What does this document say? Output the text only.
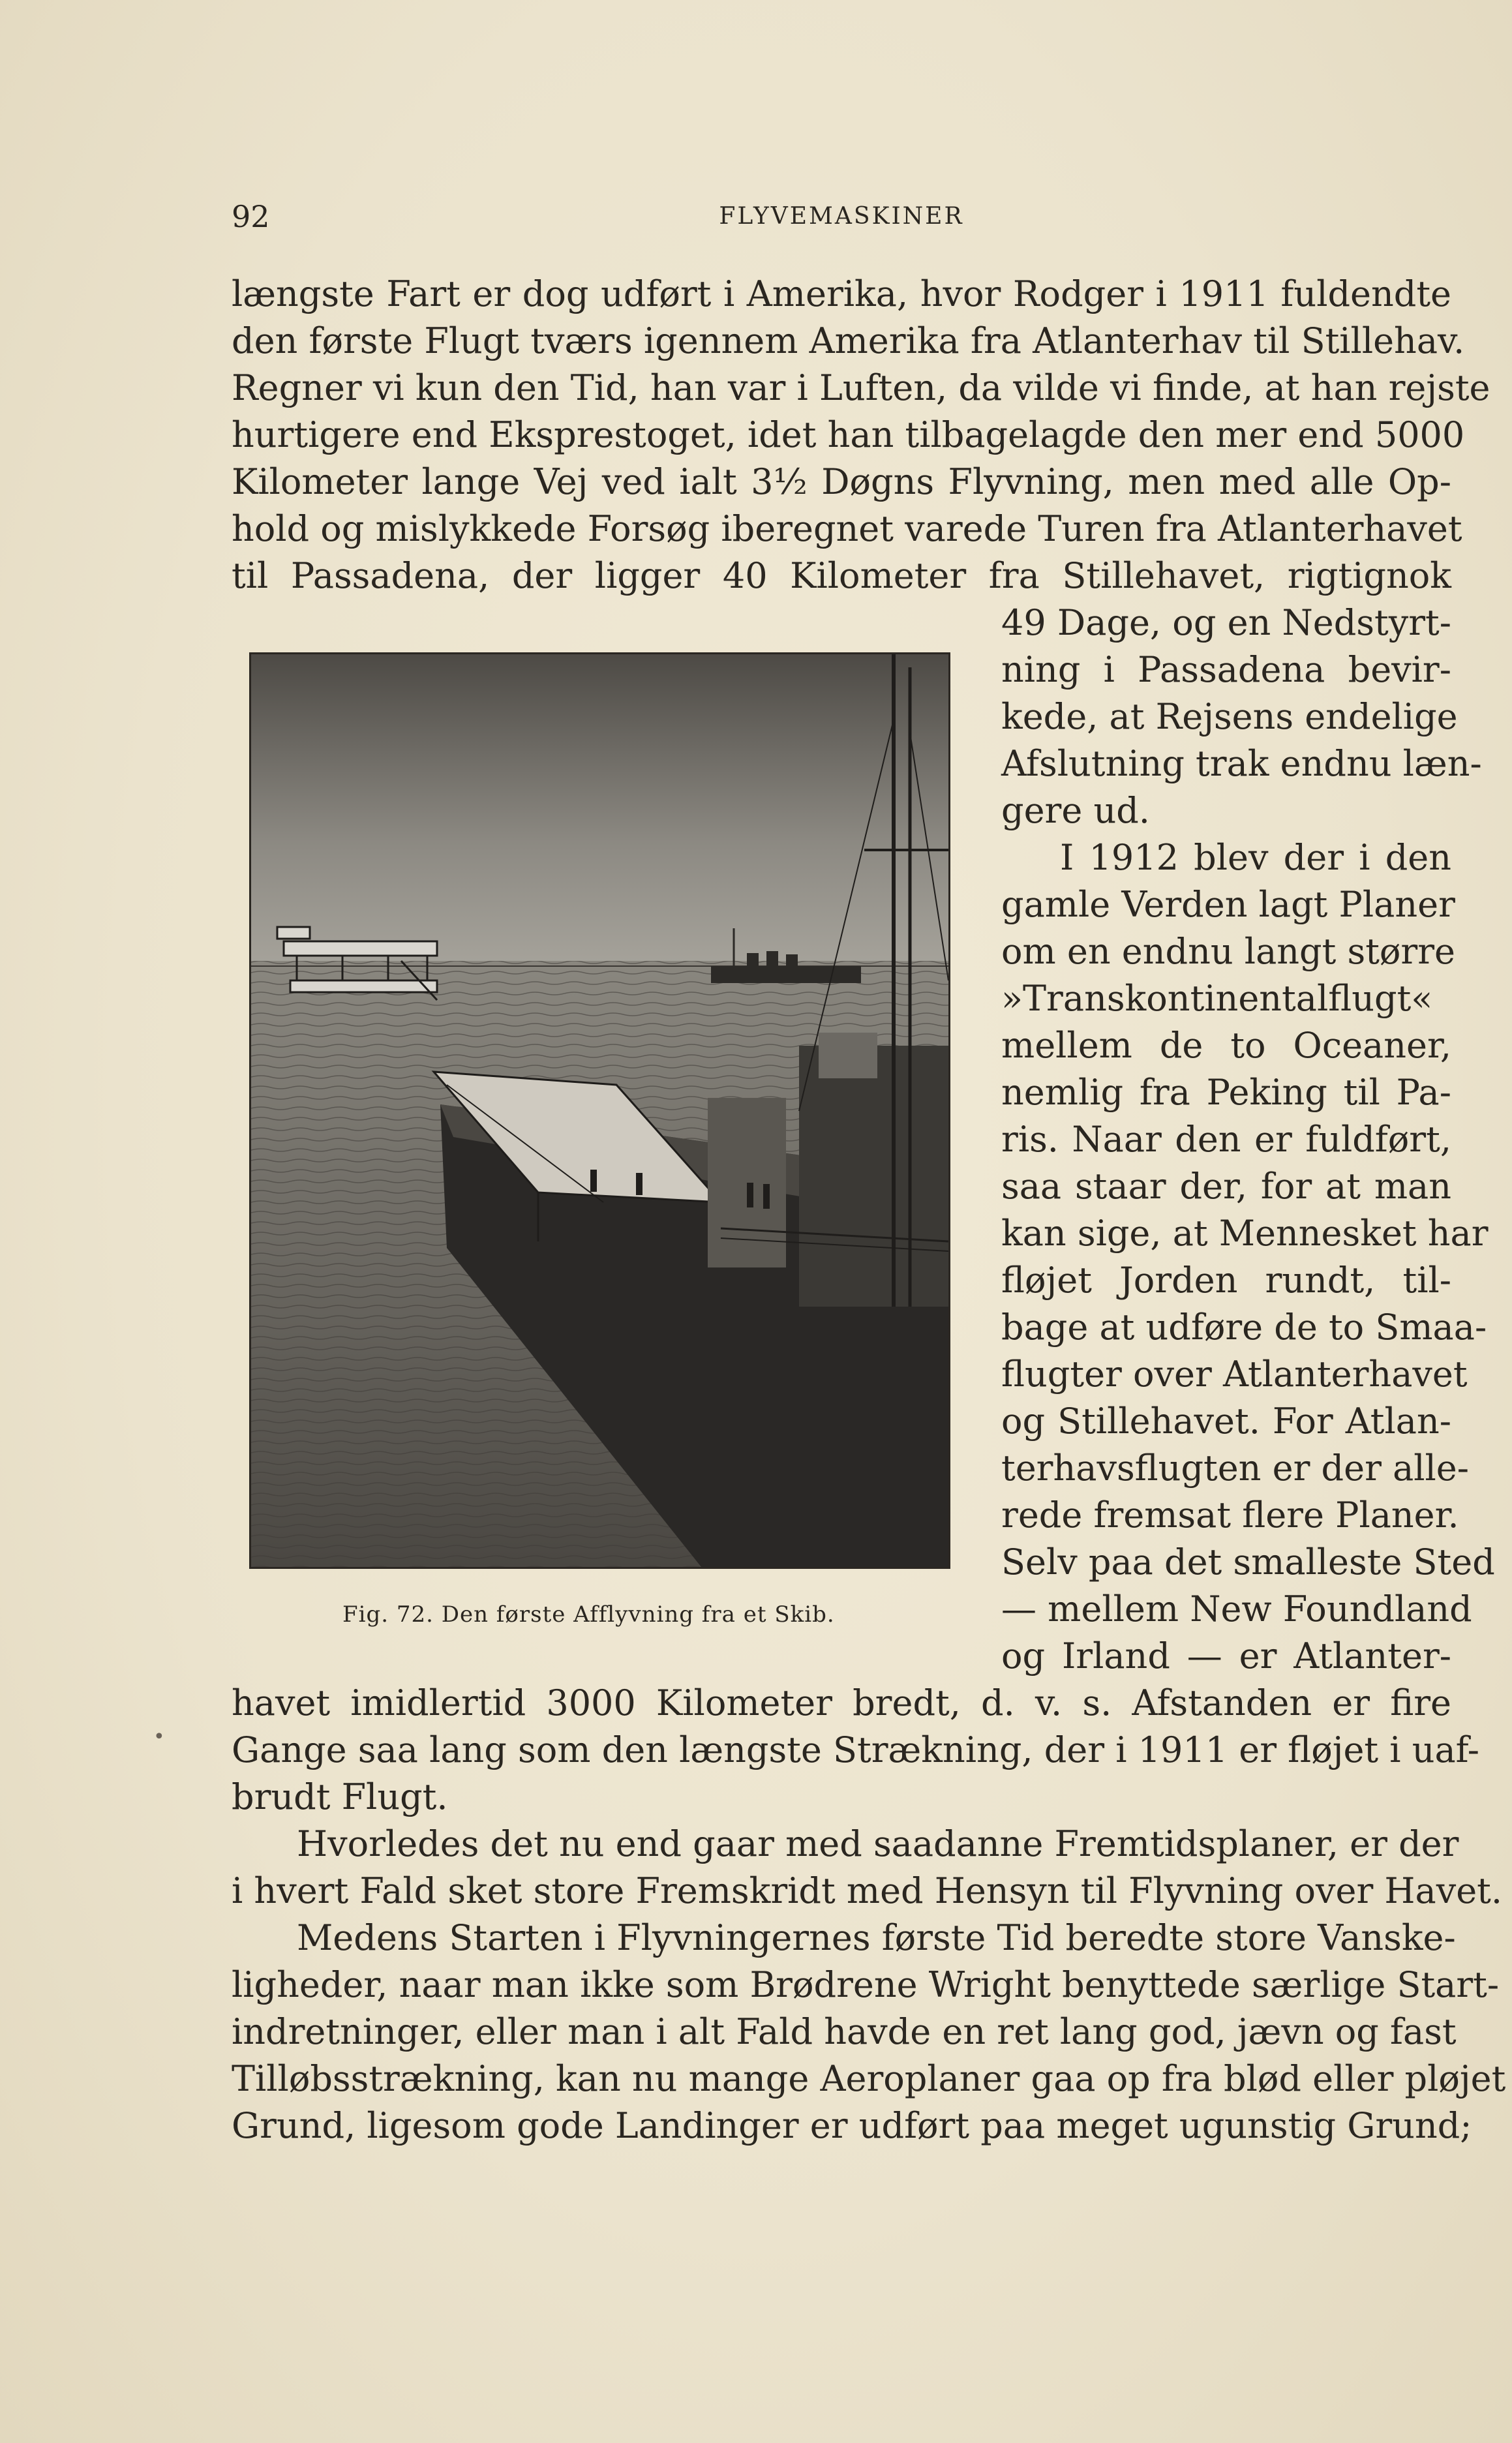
92	FLYVEMASKINER
længste Fart er dog udført i Amerika, hvor Rodger i 1911 fuldendte
den første Flugt tværs igennem Amerika fra Atlanterhav til Stillehav.
Regner vi kun den Tid, han var i Luften, da vilde vi finde, at han rejste
hurtigere end Eksprestoget, idet han tilbagelagde den mer end 5000
Kilometer lange Vej ved ialt 3½ Døgns Flyvning, men med alle Op-
hold og mislykkede Forsøg iberegnet varede Turen fra Atlanterhavet
til Passadena, der ligger 40 Kilometer fra Stillehavet, rigtignok
Fig. 72. Den første Afflyvning fra et Skib.
49 Dage, og en Nedstyrt-
ning i Passadena bevir-
kede, at Rejsens endelige
Afslutning trak endnu læn-
gere ud.
I 1912 blev der i den
gamle Verden lagt Planer
om en endnu langt større
»Transkontinentalflugt«
mellem de to Oceaner,
nemlig fra Peking til Pa-
ris. Naar den er fuldført,
saa staar der, for at man
kan sige, at Mennesket har
fløjet Jorden rundt, til-
bage at udføre de to Smaa-
flugter over Atlanterhavet
og Stillehavet. For Atlan-
terhavsflugten er der alle-
rede fremsat flere Planer.
Selv paa det smalleste Sted
— mellem New Foundland
og Irland — er Atlanter-
havet imidlertid 3000 Kilometer bredt, d. v. s. Afstanden er fire
Gange saa lang som den længste Strækning, der i 1911 er fløjet i uaf-
brudt Flugt.
Hvorledes det nu end gaar med saadanne Fremtidsplaner, er der
i hvert Fald sket store Fremskridt med Hensyn til Flyvning over Havet.
Medens Starten i Flyvningernes første Tid beredte store Vanske-
ligheder, naar man ikke som Brødrene Wright benyttede særlige Start-
indretninger, eller man i alt Fald havde en ret lang god, jævn og fast
Tilløbsstrækning, kan nu mange Aeroplaner gaa op fra blød eller pløjet
Grund, ligesom gode Landinger er udført paa meget ugunstig Grund;
•
